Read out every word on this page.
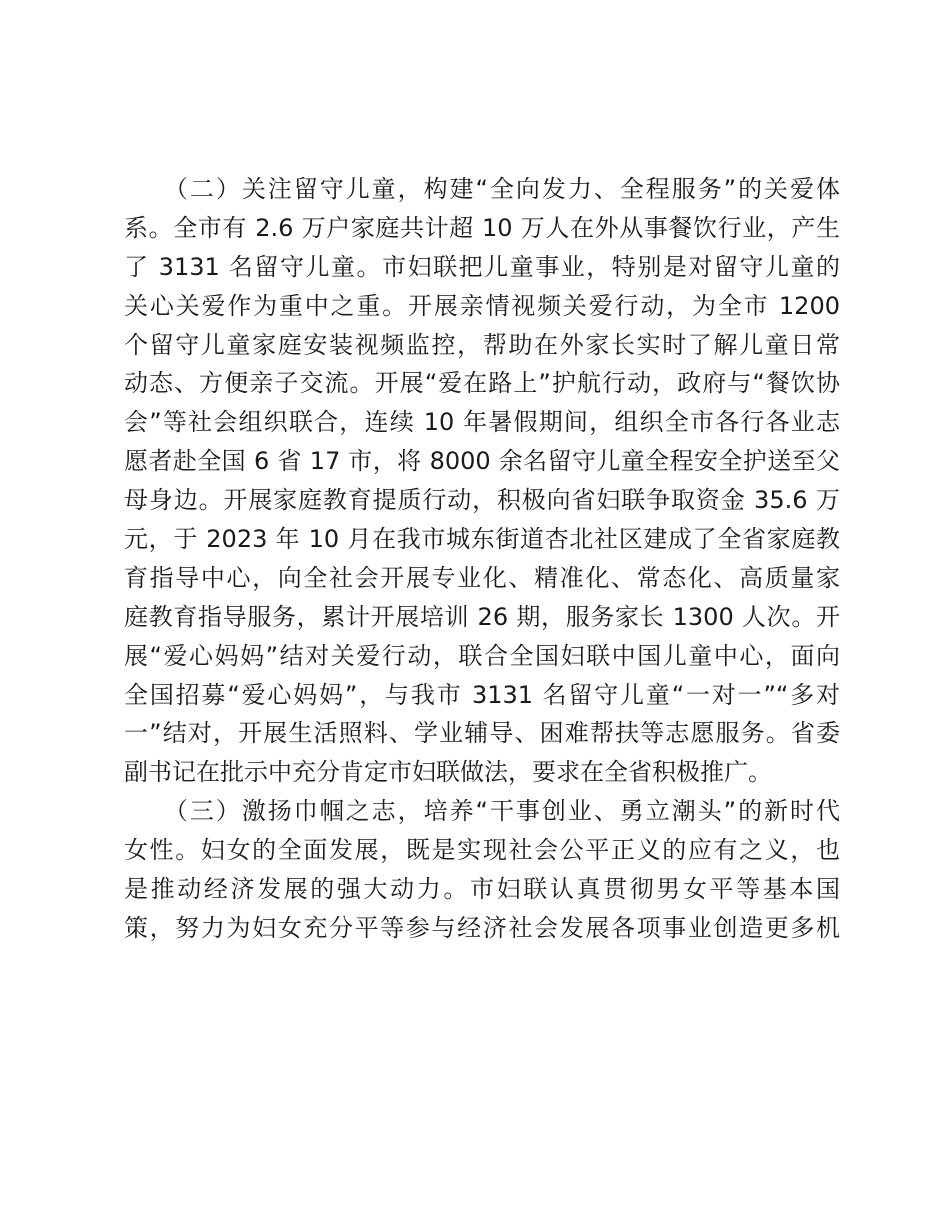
　　（二）关注留守儿童，构建“全向发力、全程服务”的关爱体
系。全市有 2.6 万户家庭共计超 10 万人在外从事餐饮行业，产生
了 3131 名留守儿童。市妇联把儿童事业，特别是对留守儿童的
关心关爱作为重中之重。开展亲情视频关爱行动，为全市 1200
个留守儿童家庭安装视频监控，帮助在外家长实时了解儿童日常
动态、方便亲子交流。开展“爱在路上”护航行动，政府与“餐饮协
会”等社会组织联合，连续 10 年暑假期间，组织全市各行各业志
愿者赴全国 6 省 17 市，将 8000 余名留守儿童全程安全护送至父
母身边。开展家庭教育提质行动，积极向省妇联争取资金 35.6 万
元，于 2023 年 10 月在我市城东街道杏北社区建成了全省家庭教
育指导中心，向全社会开展专业化、精准化、常态化、高质量家
庭教育指导服务，累计开展培训 26 期，服务家长 1300 人次。开
展“爱心妈妈”结对关爱行动，联合全国妇联中国儿童中心，面向
全国招募“爱心妈妈”，与我市 3131 名留守儿童“一对一”“多对
一”结对，开展生活照料、学业辅导、困难帮扶等志愿服务。省委
副书记在批示中充分肯定市妇联做法，要求在全省积极推广。
　　（三）激扬巾帼之志，培养“干事创业、勇立潮头”的新时代
女性。妇女的全面发展，既是实现社会公平正义的应有之义，也
是推动经济发展的强大动力。市妇联认真贯彻男女平等基本国
策，努力为妇女充分平等参与经济社会发展各项事业创造更多机
